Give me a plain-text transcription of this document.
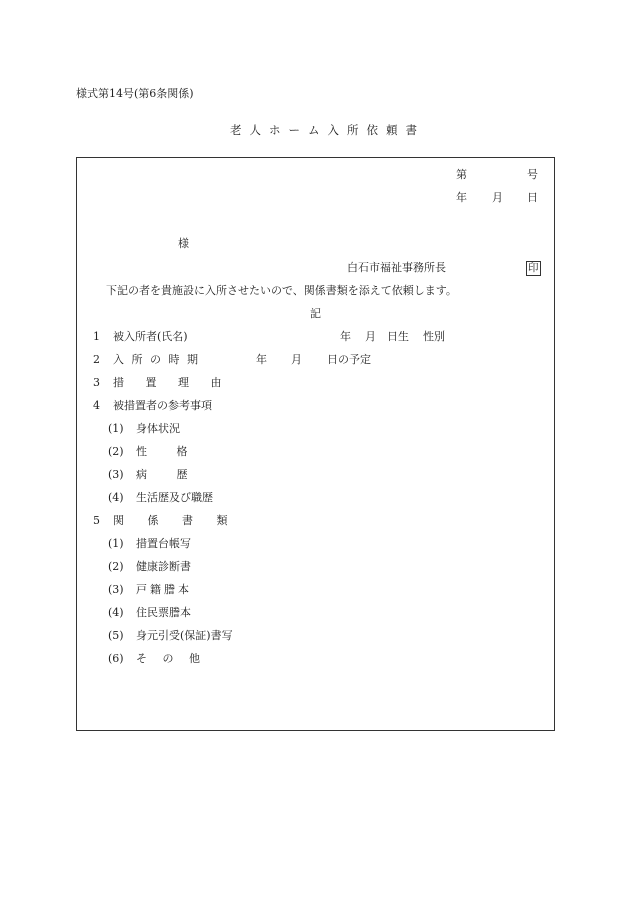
様式第14号(第6条関係)
老人ホーム入所依頼書
第	号
年 月 日
様
白石市福祉事務所長	印
下記の者を貴施設に入所させたいので、関係書類を添えて依頼します。
記
1 被入所者(氏名)	年 月 日生 性別
2 入 所 の 時 期	年 月 日の予定
3 措 置 理 由
4 被措置者の参考事項
(1) 身体状況
(2) 性 格
(3) 病 歴
(4) 生活歴及び職歴
5 関 係 書 類
(1) 措置台帳写
(2) 健康診断書
(3) 戸籍謄本
(4) 住民票謄本
(5) 身元引受(保証)書写
(6) そ の 他
